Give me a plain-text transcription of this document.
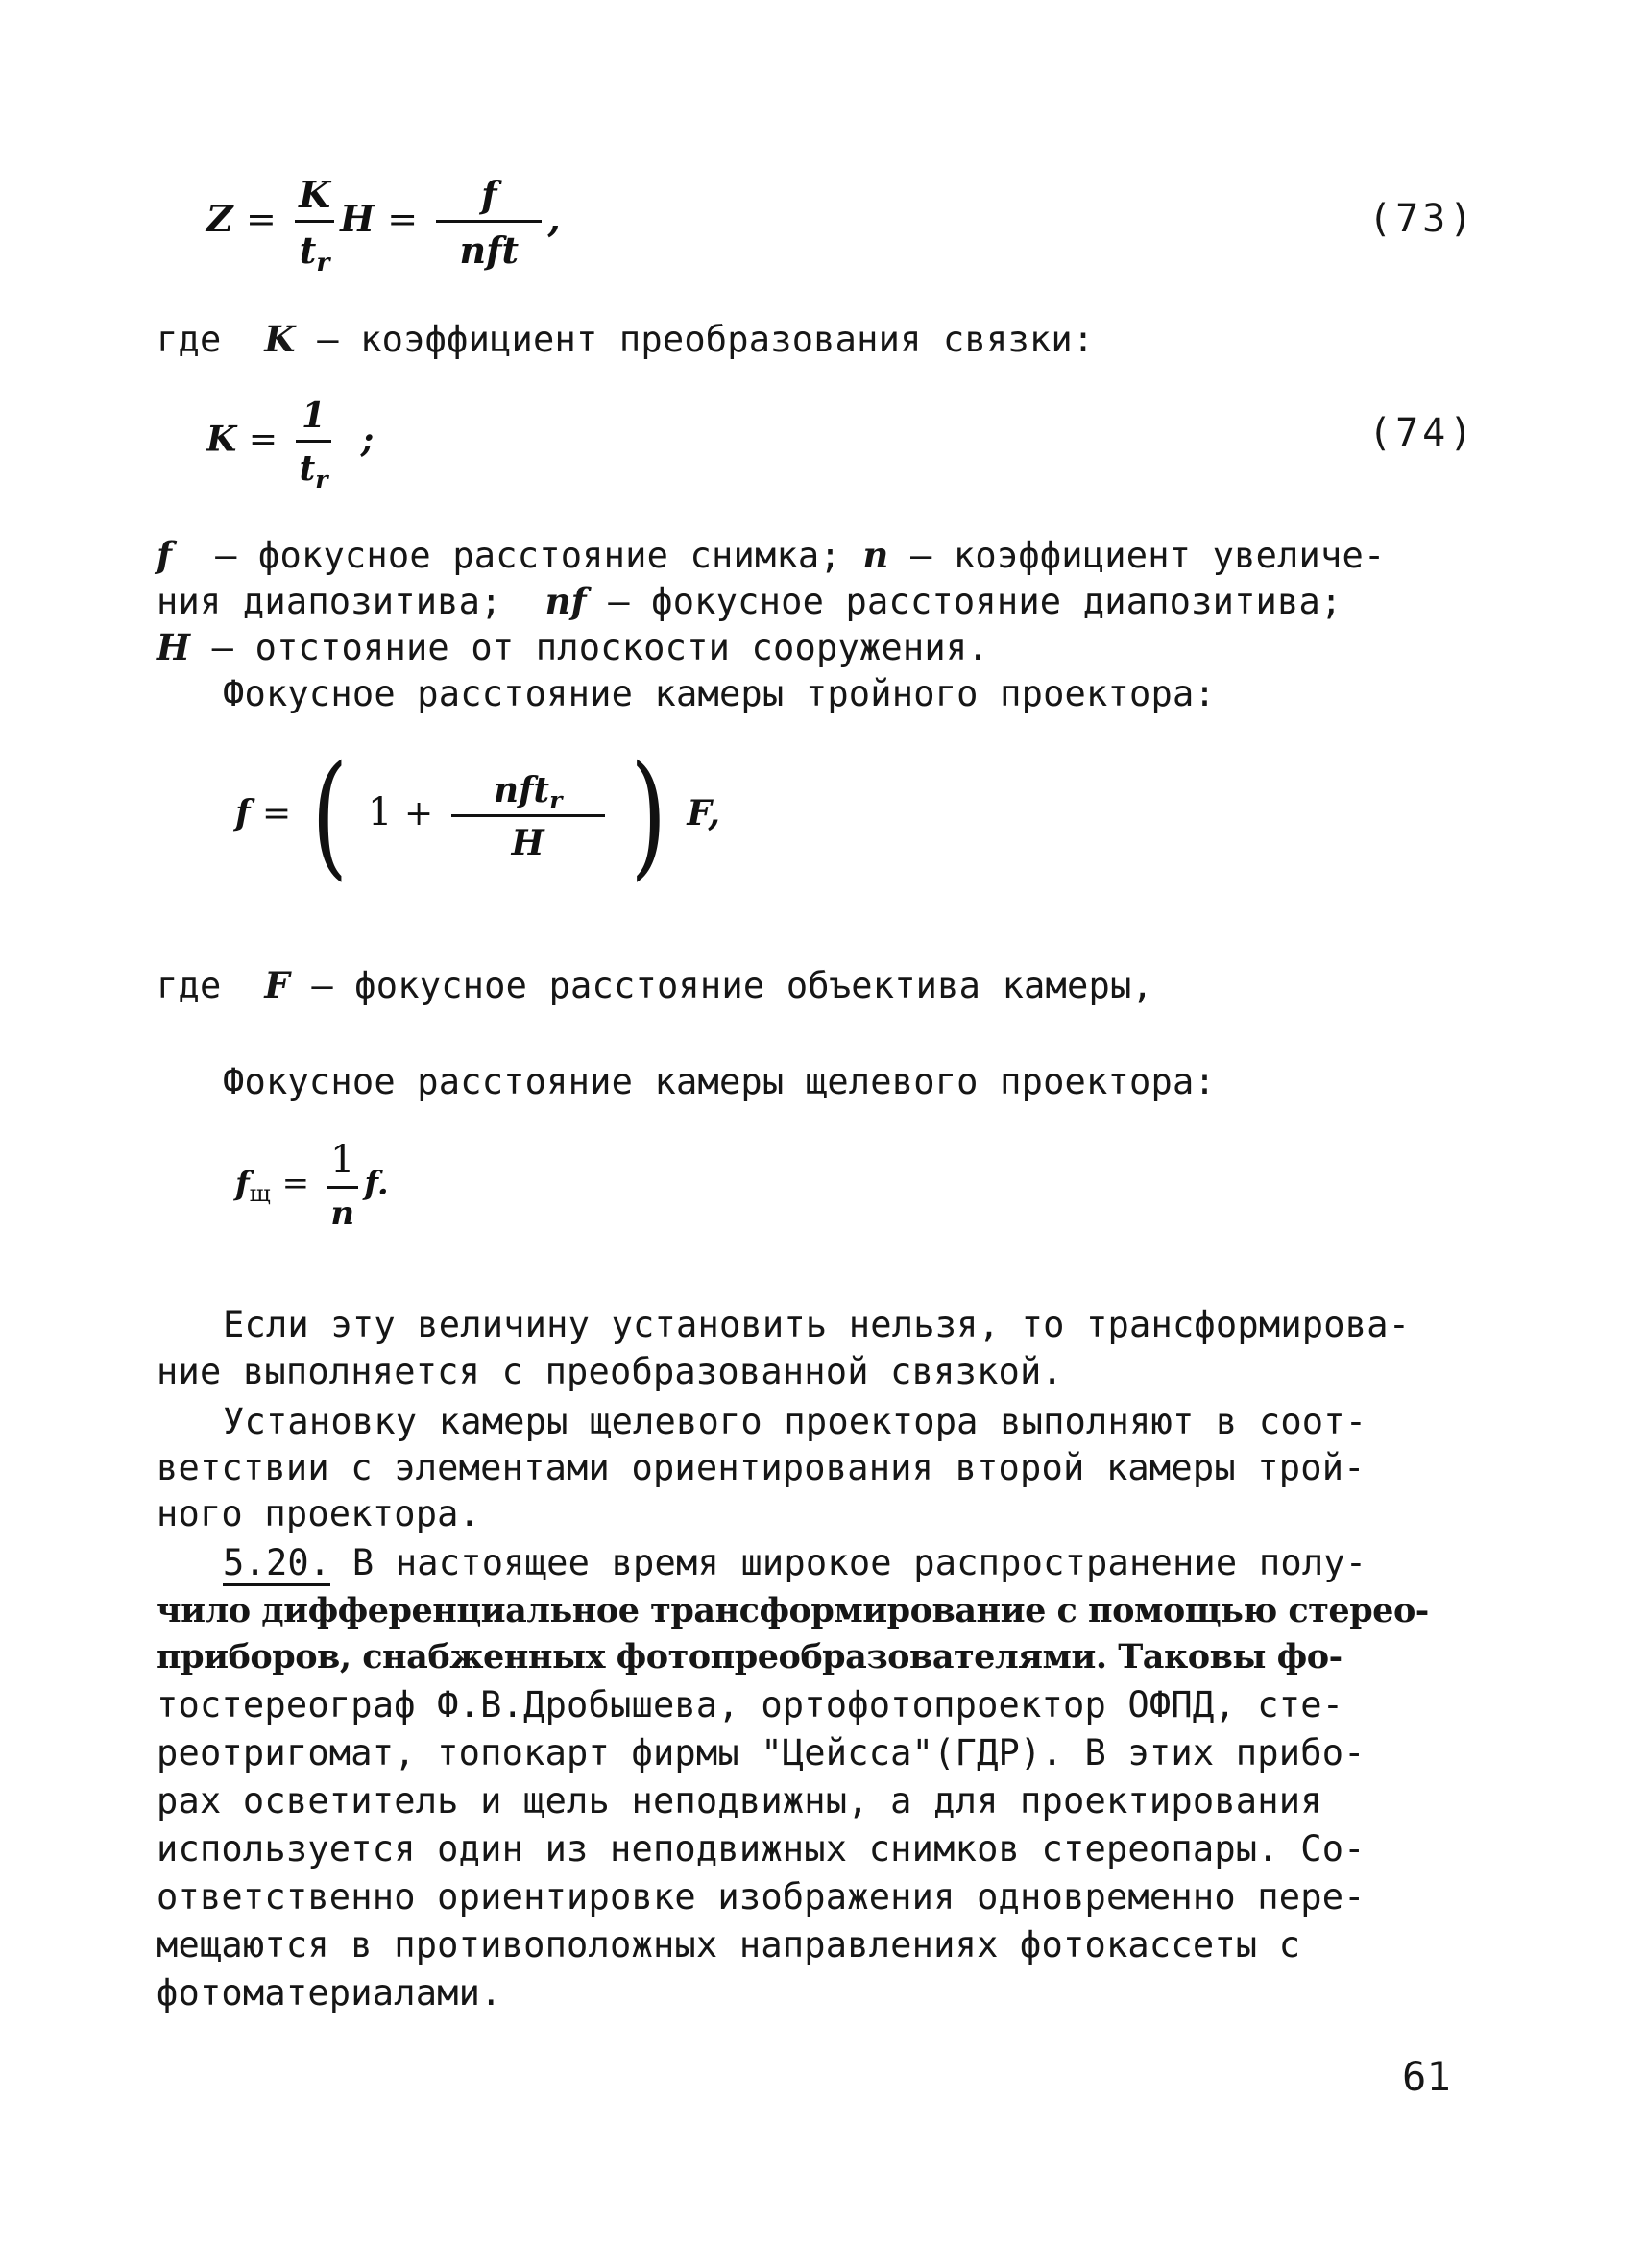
$Z = \frac{K}{t_r}$ $H = \frac{f}{\text{nft}}$ ,	(73)
где K – коэффициент преобразования связки:
$K = \frac{1}{t_r}$ ;	(74)
f – фокусное расстояние снимка; n – коэффициент увеличе-
ния диапозитива; nf – фокусное расстояние диапозитива;
H – отстояние от плоскости сооружения.
Фокусное расстояние камеры тройного проектора:
f = ( $1 + \frac{nft_r}{H}$ ) F,
где F – фокусное расстояние объектива камеры,
Фокусное расстояние камеры щелевого проектора:
$f_щ = \frac{1}{n} f$.
Если эту величину установить нельзя, то трансформирова-
ние выполняется с преобразованной связкой.
Установку камеры щелевого проектора выполняют в соот-
ветствии с элементами ориентирования второй камеры трой-
ного проектора.
5.20. В настоящее время широкое распространение полу-
чило дифференциальное трансформирование с помощью стерео-
приборов, снабженных фотопреобразователями. Таковы фо-
тостереограф Ф.В.Дробышева, ортофотопроектор ОФПД, сте-
реотригомат, топокарт фирмы "Цейсса"(ГДР). В этих прибо-
рах осветитель и щель неподвижны, а для проектирования
используется один из неподвижных снимков стереопары. Со-
ответственно ориентировке изображения одновременно пере-
мещаются в противоположных направлениях фотокассеты с
фотоматериалами.
61
